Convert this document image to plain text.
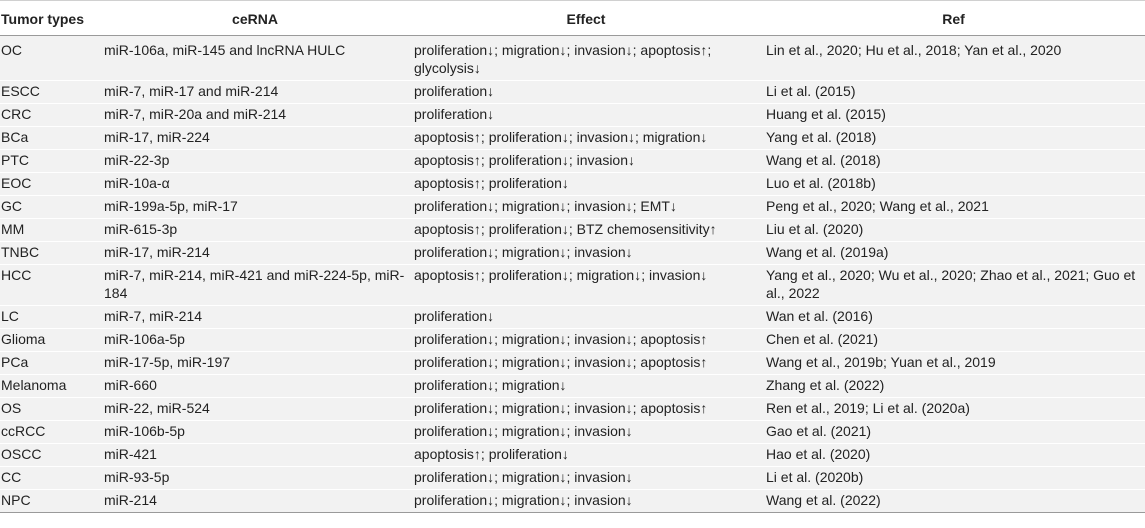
Tumor types	ceRNA	Effect	Ref
OC	miR-106a, miR-145 and lncRNA HULC	proliferation↓; migration↓; invasion↓; apoptosis↑; glycolysis↓	Lin et al., 2020; Hu et al., 2018; Yan et al., 2020
ESCC	miR-7, miR-17 and miR-214	proliferation↓	Li et al. (2015)
CRC	miR-7, miR-20a and miR-214	proliferation↓	Huang et al. (2015)
BCa	miR-17, miR-224	apoptosis↑; proliferation↓; invasion↓; migration↓	Yang et al. (2018)
PTC	miR-22-3p	apoptosis↑; proliferation↓; invasion↓	Wang et al. (2018)
EOC	miR-10a-α	apoptosis↑; proliferation↓	Luo et al. (2018b)
GC	miR-199a-5p, miR-17	proliferation↓; migration↓; invasion↓; EMT↓	Peng et al., 2020; Wang et al., 2021
MM	miR-615-3p	apoptosis↑; proliferation↓; BTZ chemosensitivity↑	Liu et al. (2020)
TNBC	miR-17, miR-214	proliferation↓; migration↓; invasion↓	Wang et al. (2019a)
HCC	miR-7, miR-214, miR-421 and miR-224-5p, miR-184	apoptosis↑; proliferation↓; migration↓; invasion↓	Yang et al., 2020; Wu et al., 2020; Zhao et al., 2021; Guo et al., 2022
LC	miR-7, miR-214	proliferation↓	Wan et al. (2016)
Glioma	miR-106a-5p	proliferation↓; migration↓; invasion↓; apoptosis↑	Chen et al. (2021)
PCa	miR-17-5p, miR-197	proliferation↓; migration↓; invasion↓; apoptosis↑	Wang et al., 2019b; Yuan et al., 2019
Melanoma	miR-660	proliferation↓; migration↓	Zhang et al. (2022)
OS	miR-22, miR-524	proliferation↓; migration↓; invasion↓; apoptosis↑	Ren et al., 2019; Li et al. (2020a)
ccRCC	miR-106b-5p	proliferation↓; migration↓; invasion↓	Gao et al. (2021)
OSCC	miR-421	apoptosis↑; proliferation↓	Hao et al. (2020)
CC	miR-93-5p	proliferation↓; migration↓; invasion↓	Li et al. (2020b)
NPC	miR-214	proliferation↓; migration↓; invasion↓	Wang et al. (2022)
